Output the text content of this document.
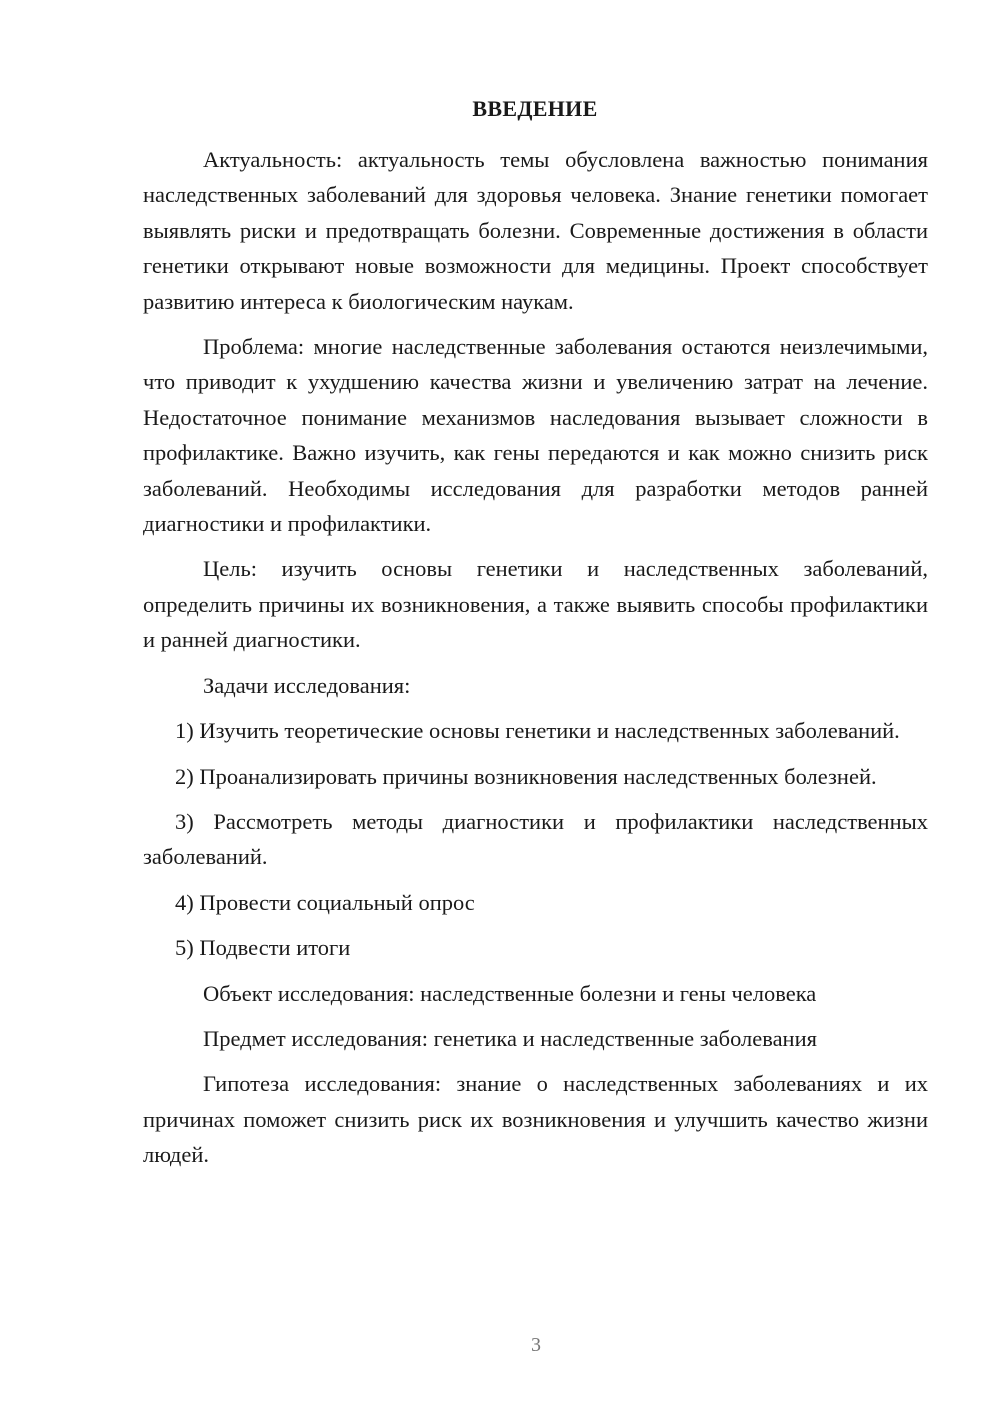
ВВЕДЕНИЕ

Актуальность: актуальность темы обусловлена важностью понимания наследственных заболеваний для здоровья человека. Знание генетики помогает выявлять риски и предотвращать болезни. Современные достижения в области генетики открывают новые возможности для медицины. Проект способствует развитию интереса к биологическим наукам.

Проблема: многие наследственные заболевания остаются неизлечимыми, что приводит к ухудшению качества жизни и увеличению затрат на лечение. Недостаточное понимание механизмов наследования вызывает сложности в профилактике. Важно изучить, как гены передаются и как можно снизить риск заболеваний. Необходимы исследования для разработки методов ранней диагностики и профилактики.

Цель: изучить основы генетики и наследственных заболеваний, определить причины их возникновения, а также выявить способы профилактики и ранней диагностики.

Задачи исследования:

1) Изучить теоретические основы генетики и наследственных заболеваний.

2) Проанализировать причины возникновения наследственных болезней.

3) Рассмотреть методы диагностики и профилактики наследственных заболеваний.

4) Провести социальный опрос

5) Подвести итоги

Объект исследования: наследственные болезни и гены человека

Предмет исследования: генетика и наследственные заболевания

Гипотеза исследования: знание о наследственных заболеваниях и их причинах поможет снизить риск их возникновения и улучшить качество жизни людей.

3
